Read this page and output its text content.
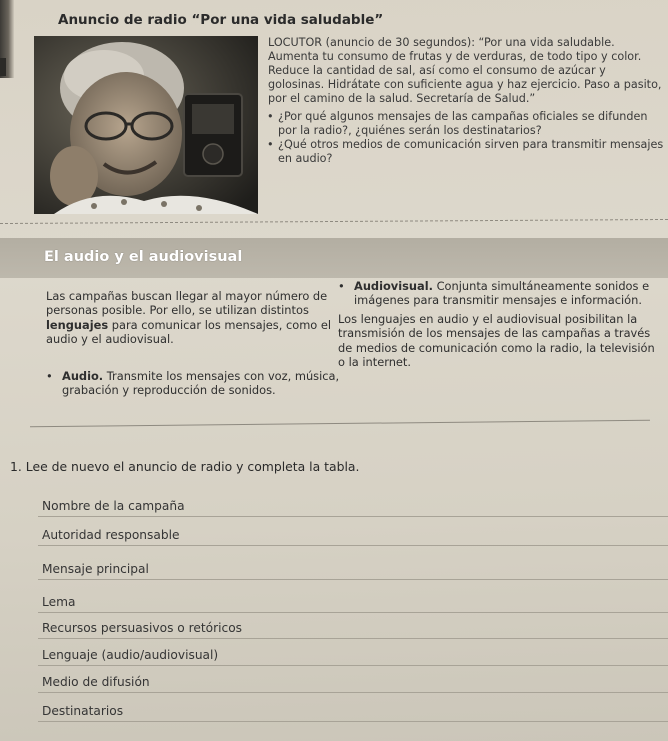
Anuncio de radio “Por una vida saludable”

LOCUTOR (anuncio de 30 segundos): “Por una vida saludable. Aumenta tu consumo de frutas y de verduras, de todo tipo y color. Reduce la cantidad de sal, así como el consumo de azúcar y golosinas. Hidrátate con suficiente agua y haz ejercicio. Paso a pasito, por el camino de la salud. Secretaría de Salud.”

• ¿Por qué algunos mensajes de las campañas oficiales se difunden por la radio?, ¿quiénes serán los destinatarios?
• ¿Qué otros medios de comunicación sirven para transmitir mensajes en audio?
El audio y el audiovisual

Las campañas buscan llegar al mayor número de personas posible. Por ello, se utilizan distintos lenguajes para comunicar los mensajes, como el audio y el audiovisual.

• Audio. Transmite los mensajes con voz, música, grabación y reproducción de sonidos.

• Audiovisual. Conjunta simultáneamente sonidos e imágenes para transmitir mensajes e información.

Los lenguajes en audio y el audiovisual posibilitan la transmisión de los mensajes de las campañas a través de medios de comunicación como la radio, la televisión o la internet.

1. Lee de nuevo el anuncio de radio y completa la tabla.
Nombre de la campaña
Autoridad responsable
Mensaje principal
Lema
Recursos persuasivos o retóricos
Lenguaje (audio/audiovisual)
Medio de difusión
Destinatarios
